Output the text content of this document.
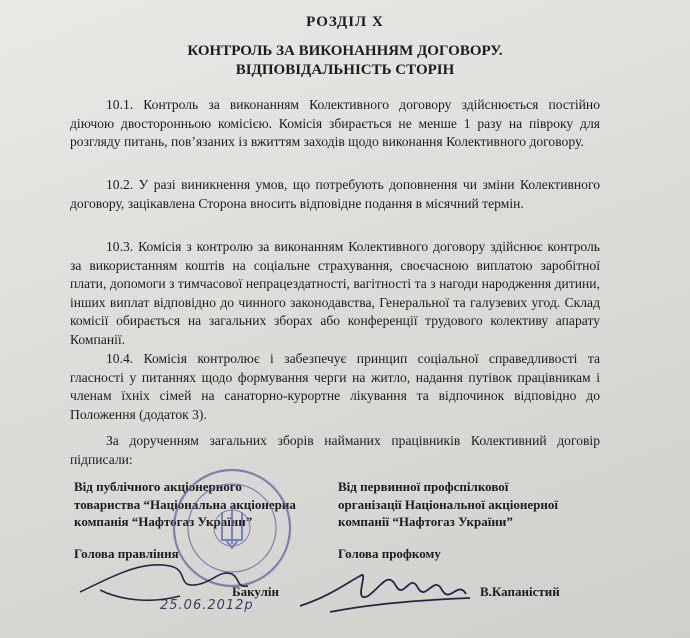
РОЗДІЛ X
КОНТРОЛЬ ЗА ВИКОНАННЯМ ДОГОВОРУ.
ВІДПОВІДАЛЬНІСТЬ СТОРІН
10.1. Контроль за виконанням Колективного договору здійснюється постійно діючою двосторонньою комісією. Комісія збирається не менше 1 разу на півроку для розгляду питань, пов’язаних із вжиттям заходів щодо виконання Колективного договору.
10.2. У разі виникнення умов, що потребують доповнення чи зміни Колективного договору, зацікавлена Сторона вносить відповідне подання в місячний термін.
10.3. Комісія з контролю за виконанням Колективного договору здійснює контроль за використанням коштів на соціальне страхування, своєчасною виплатою заробітної плати, допомоги з тимчасової непрацездатності, вагітності та з нагоди народження дитини, інших виплат відповідно до чинного законодавства, Генеральної та галузевих угод. Склад комісії обирається на загальних зборах або конференції трудового колективу апарату Компанії.
10.4. Комісія контролює і забезпечує принцип соціальної справедливості та гласності у питаннях щодо формування черги на житло, надання путівок працівникам і членам їхніх сімей на санаторно-курортне лікування та відпочинок відповідно до Положення (додаток 3).
За дорученням загальних зборів найманих працівників Колективний договір підписали:
Від публічного акціонерного
товариства “Національна акціонерна
компанія “Нафтогаз України”
Від первинної профспілкової
організації Національної акціонерної
компанії “Нафтогаз України”
Голова правління	Голова профкому
Бакулін	В.Капаністий
25.06.2012р
